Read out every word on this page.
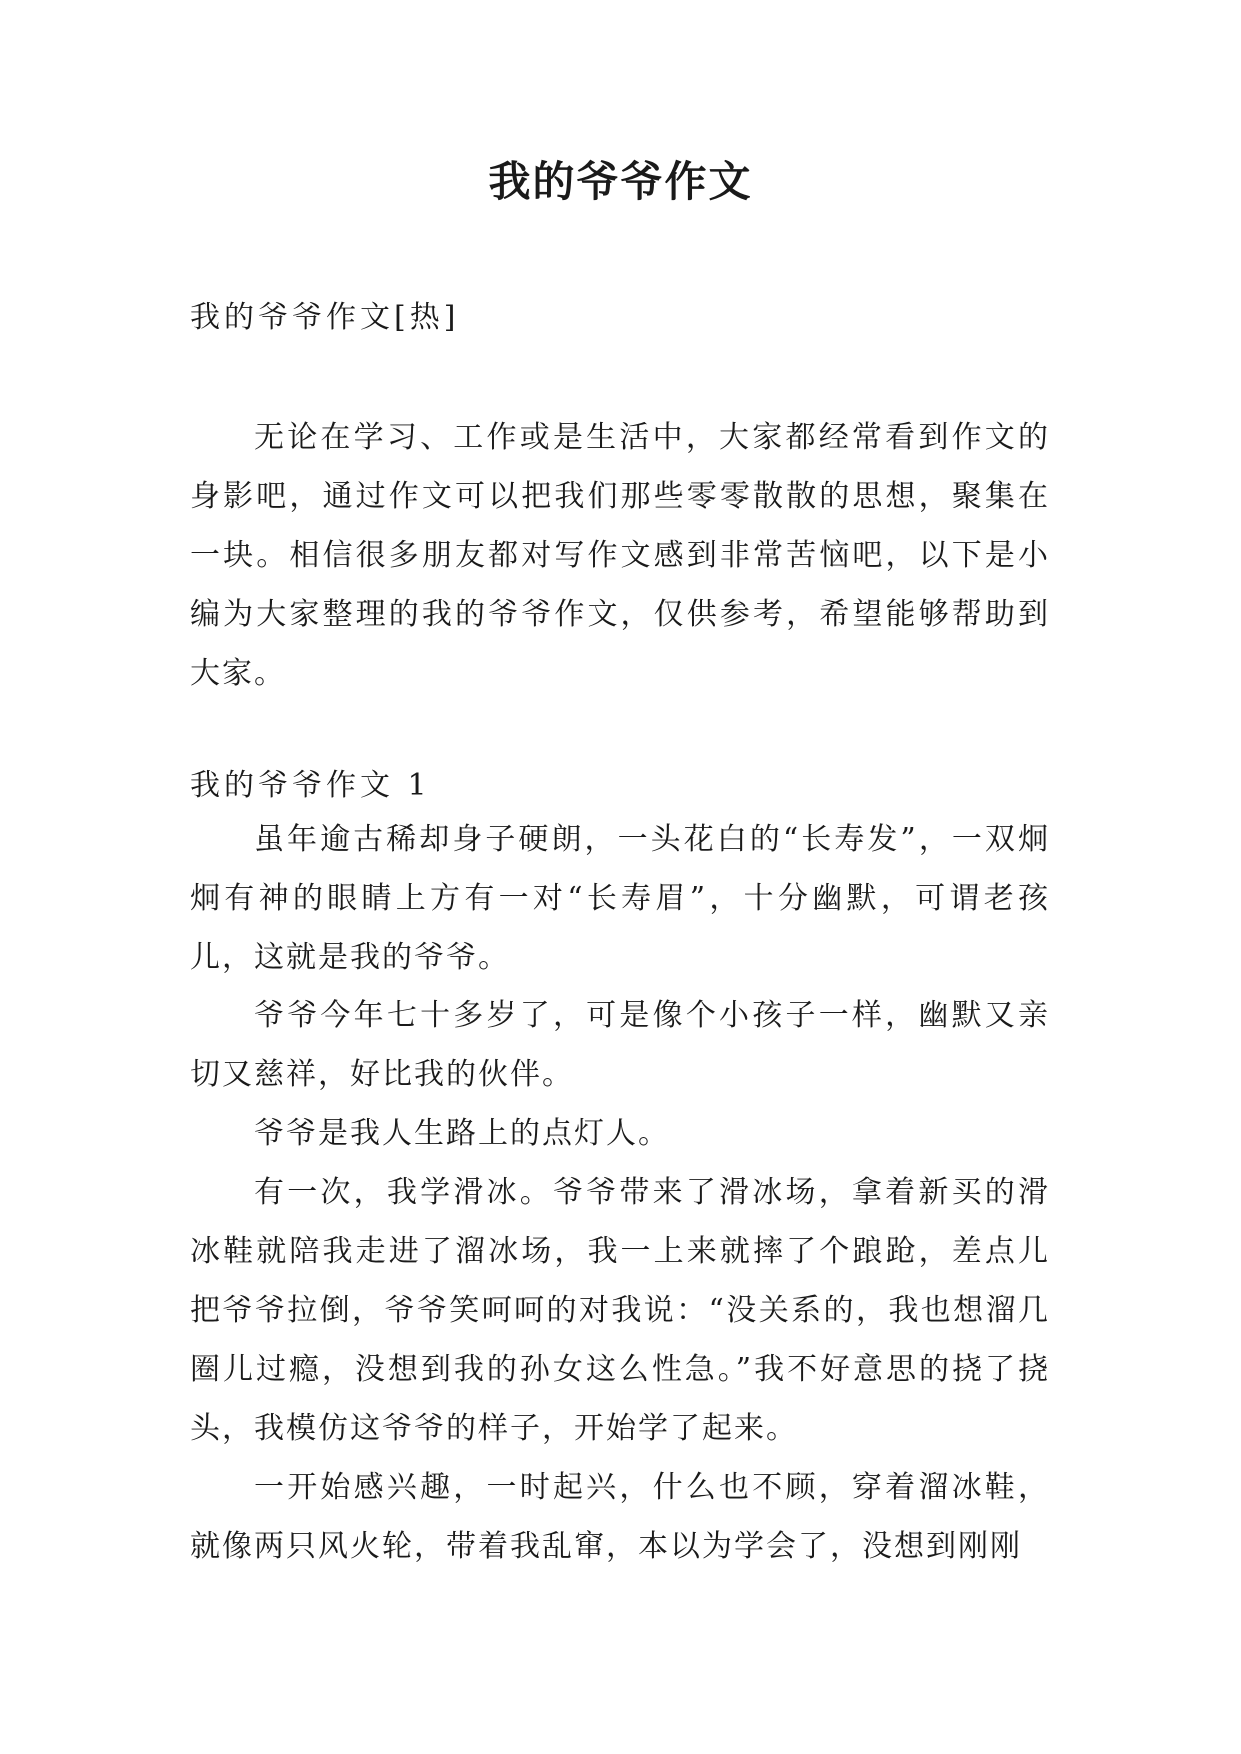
我的爷爷作文

我的爷爷作文[热]

无论在学习、工作或是生活中，大家都经常看到作文的身影吧，通过作文可以把我们那些零零散散的思想，聚集在一块。相信很多朋友都对写作文感到非常苦恼吧，以下是小编为大家整理的我的爷爷作文，仅供参考，希望能够帮助到大家。

我的爷爷作文 1

虽年逾古稀却身子硬朗，一头花白的“长寿发”，一双炯炯有神的眼睛上方有一对“长寿眉”，十分幽默，可谓老孩儿，这就是我的爷爷。

爷爷今年七十多岁了，可是像个小孩子一样，幽默又亲切又慈祥，好比我的伙伴。

爷爷是我人生路上的点灯人。

有一次，我学滑冰。爷爷带来了滑冰场，拿着新买的滑冰鞋就陪我走进了溜冰场，我一上来就摔了个踉跄，差点儿把爷爷拉倒，爷爷笑呵呵的对我说：“没关系的，我也想溜几圈儿过瘾，没想到我的孙女这么性急。”我不好意思的挠了挠头，我模仿这爷爷的样子，开始学了起来。

一开始感兴趣，一时起兴，什么也不顾，穿着溜冰鞋，就像两只风火轮，带着我乱窜，本以为学会了，没想到刚刚
